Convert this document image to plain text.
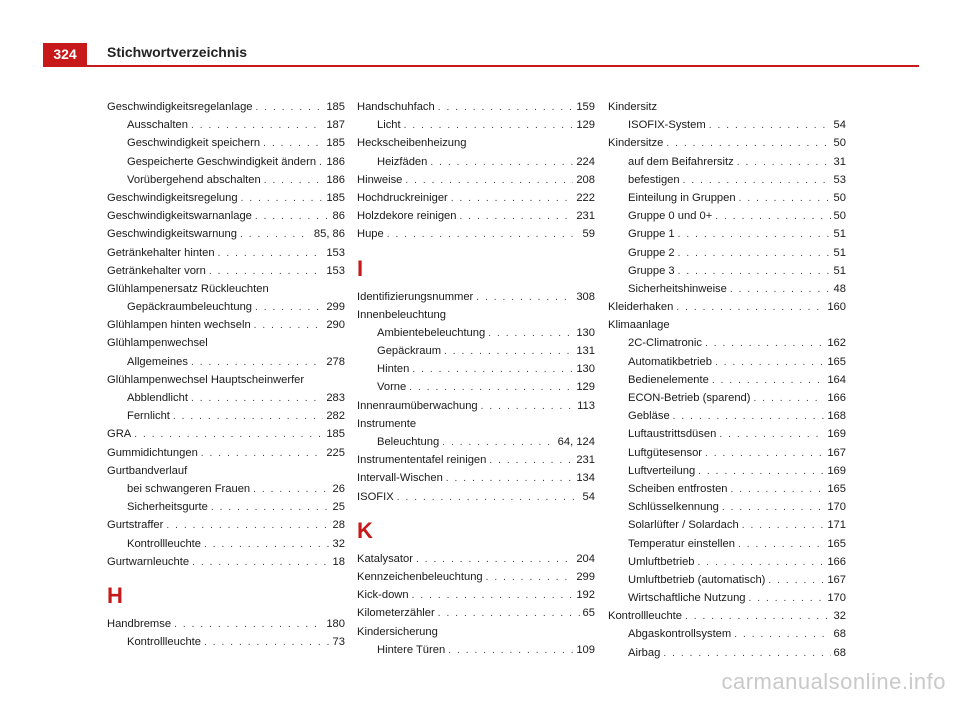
324	Stichwortverzeichnis
Geschwindigkeitsregelanlage . . .	185
Ausschalten . . .	187
Geschwindigkeit speichern . . .	185
Gespeicherte Geschwindigkeit ändern . . . 186
Vorübergehend abschalten . . .	186
Geschwindigkeitsregelung . . .	185
Geschwindigkeitswarnanlage . . .	86
Geschwindigkeitswarnung . . .	85, 86
Getränkehalter hinten . . .	153
Getränkehalter vorn . . .	153
Glühlampenersatz Rückleuchten
Gepäckraumbeleuchtung . . .	299
Glühlampen hinten wechseln . . .	290
Glühlampenwechsel
Allgemeines . . .	278
Glühlampenwechsel Hauptscheinwerfer
Abblendlicht . . .	283
Fernlicht . . .	282
GRA . . .	185
Gummidichtungen . . .	225
Gurtbandverlauf
bei schwangeren Frauen . . .	26
Sicherheitsgurte . . .	25
Gurtstraffer . . .	28
Kontrollleuchte . . .	32
Gurtwarnleuchte . . .	18
H
Handbremse . . .	180
Kontrollleuchte . . .	73
Handschuhfach . . .	159
Licht . . .	129
Heckscheibenheizung
Heizfäden . . .	224
Hinweise . . .	208
Hochdruckreiniger . . .	222
Holzdekore reinigen . . .	231
Hupe . . .	59
I
Identifizierungsnummer . . .	308
Innenbeleuchtung
Ambientebeleuchtung . . .	130
Gepäckraum . . .	131
Hinten . . .	130
Vorne . . .	129
Innenraumüberwachung . . .	113
Instrumente
Beleuchtung . . .	64, 124
Instrumententafel reinigen . . .	231
Intervall-Wischen . . .	134
ISOFIX . . .	54
K
Katalysator . . .	204
Kennzeichenbeleuchtung . . .	299
Kick-down . . .	192
Kilometerzähler . . .	65
Kindersicherung
Hintere Türen . . .	109
Kindersitz
ISOFIX-System . . .	54
Kindersitze . . .	50
auf dem Beifahrersitz . . .	31
befestigen . . .	53
Einteilung in Gruppen . . .	50
Gruppe 0 und 0+ . . .	50
Gruppe 1 . . .	51
Gruppe 2 . . .	51
Gruppe 3 . . .	51
Sicherheitshinweise . . .	48
Kleiderhaken . . .	160
Klimaanlage
2C-Climatronic . . .	162
Automatikbetrieb . . .	165
Bedienelemente . . .	164
ECON-Betrieb (sparend) . . .	166
Gebläse . . .	168
Luftaustrittsdüsen . . .	169
Luftgütesensor . . .	167
Luftverteilung . . .	169
Scheiben entfrosten . . .	165
Schlüsselkennung . . .	170
Solarlüfter / Solardach . . .	171
Temperatur einstellen . . .	165
Umluftbetrieb . . .	166
Umluftbetrieb (automatisch) . . .	167
Wirtschaftliche Nutzung . . .	170
Kontrollleuchte . . .	32
Abgaskontrollsystem . . .	68
Airbag . . .	68
carmanualsonline.info
